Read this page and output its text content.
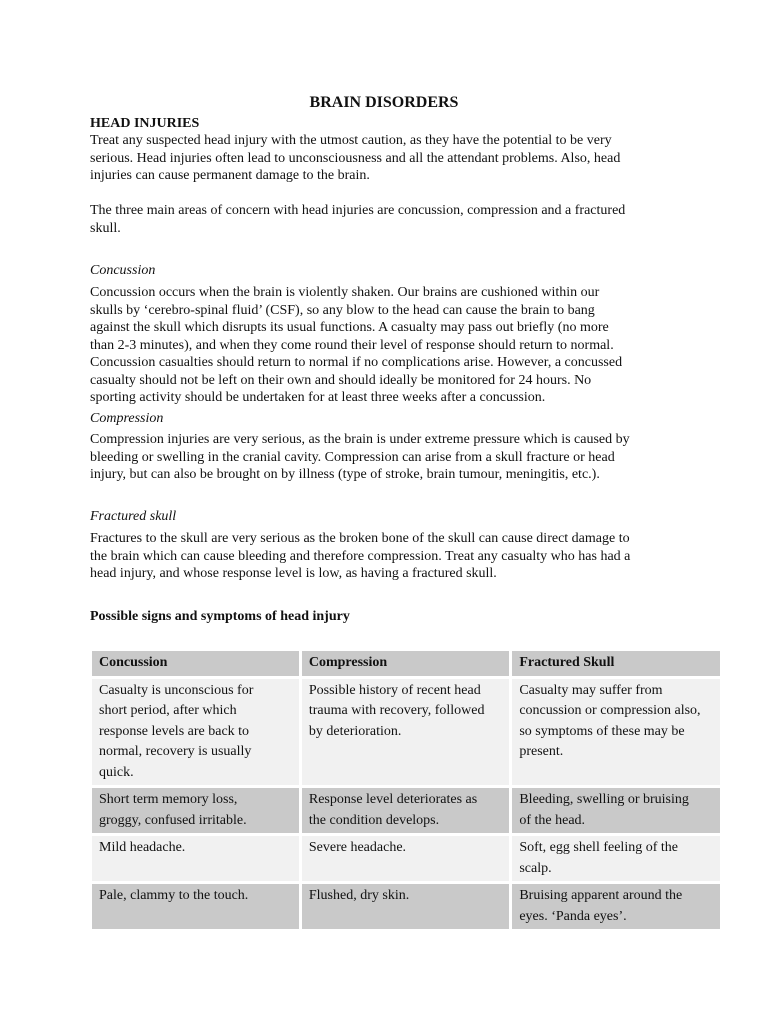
BRAIN DISORDERS

HEAD INJURIES

Treat any suspected head injury with the utmost caution, as they have the potential to be very
serious. Head injuries often lead to unconsciousness and all the attendant problems. Also, head
injuries can cause permanent damage to the brain.
The three main areas of concern with head injuries are concussion, compression and a fractured
skull.

Concussion

Concussion occurs when the brain is violently shaken. Our brains are cushioned within our
skulls by ‘cerebro-spinal fluid’ (CSF), so any blow to the head can cause the brain to bang
against the skull which disrupts its usual functions. A casualty may pass out briefly (no more
than 2-3 minutes), and when they come round their level of response should return to normal.
Concussion casualties should return to normal if no complications arise. However, a concussed
casualty should not be left on their own and should ideally be monitored for 24 hours. No
sporting activity should be undertaken for at least three weeks after a concussion.

Compression

Compression injuries are very serious, as the brain is under extreme pressure which is caused by
bleeding or swelling in the cranial cavity. Compression can arise from a skull fracture or head
injury, but can also be brought on by illness (type of stroke, brain tumour, meningitis, etc.).

Fractured skull

Fractures to the skull are very serious as the broken bone of the skull can cause direct damage to
the brain which can cause bleeding and therefore compression. Treat any casualty who has had a
head injury, and whose response level is low, as having a fractured skull.

Possible signs and symptoms of head injury

Concussion	Compression	Fractured Skull

Casualty is unconscious for
short period, after which
response levels are back to
normal, recovery is usually
quick.	Possible history of recent head
trauma with recovery, followed
by deterioration.	Casualty may suffer from
concussion or compression also,
so symptoms of these may be
present.

Short term memory loss,
groggy, confused irritable.	Response level deteriorates as
the condition develops.	Bleeding, swelling or bruising
of the head.

Mild headache.	Severe headache.	Soft, egg shell feeling of the
scalp.

Pale, clammy to the touch.	Flushed, dry skin.	Bruising apparent around the
eyes. ‘Panda eyes’.
